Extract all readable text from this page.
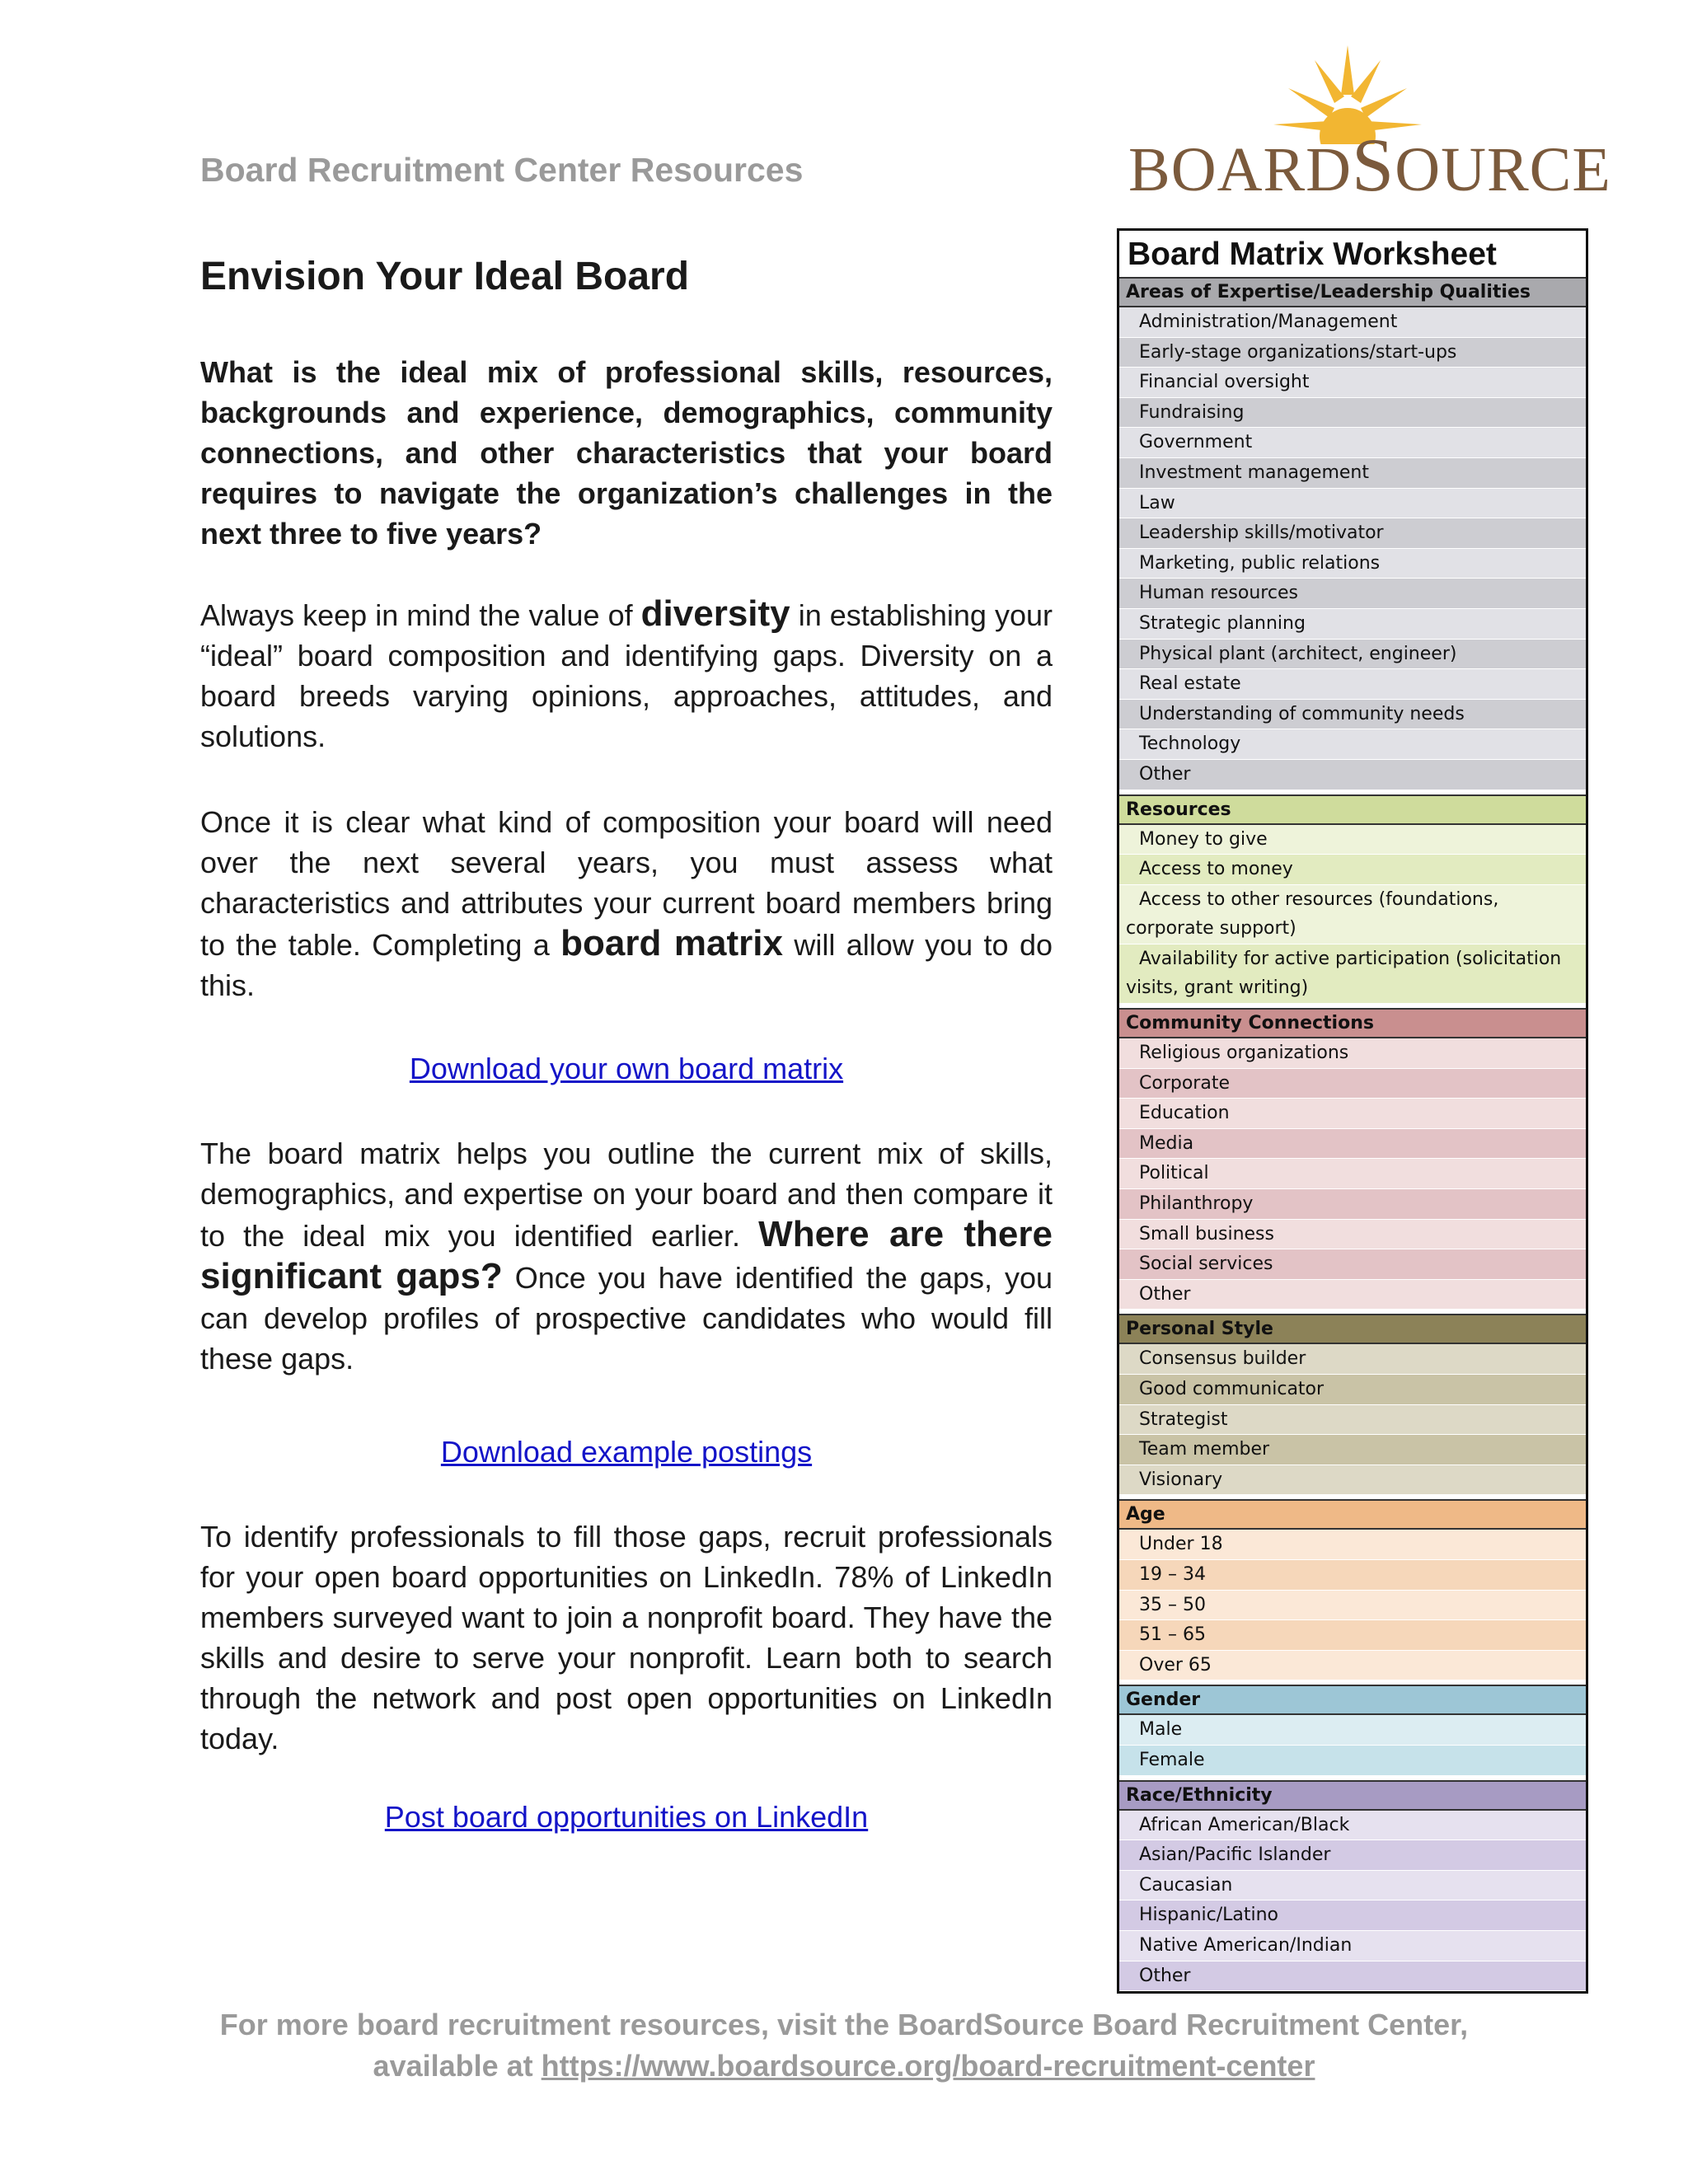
Board Recruitment Center Resources	BOARDSOURCE
Envision Your Ideal Board

What is the ideal mix of professional skills, resources, backgrounds and experience, demographics, community connections, and other characteristics that your board requires to navigate the organization’s challenges in the next three to five years?

Always keep in mind the value of diversity in establishing your “ideal” board composition and identifying gaps. Diversity on a board breeds varying opinions, approaches, attitudes, and solutions.

Once it is clear what kind of composition your board will need over the next several years, you must assess what characteristics and attributes your current board members bring to the table. Completing a board matrix will allow you to do this.

Download your own board matrix

The board matrix helps you outline the current mix of skills, demographics, and expertise on your board and then compare it to the ideal mix you identified earlier. Where are there significant gaps? Once you have identified the gaps, you can develop profiles of prospective candidates who would fill these gaps.

Download example postings

To identify professionals to fill those gaps, recruit professionals for your open board opportunities on LinkedIn. 78% of LinkedIn members surveyed want to join a nonprofit board. They have the skills and desire to serve your nonprofit. Learn both to search through the network and post open opportunities on LinkedIn today.

Post board opportunities on LinkedIn
Board Matrix Worksheet
Areas of Expertise/Leadership Qualities
Administration/Management
Early-stage organizations/start-ups
Financial oversight
Fundraising
Government
Investment management
Law
Leadership skills/motivator
Marketing, public relations
Human resources
Strategic planning
Physical plant (architect, engineer)
Real estate
Understanding of community needs
Technology
Other
Resources
Money to give
Access to money
Access to other resources (foundations, corporate support)
Availability for active participation (solicitation visits, grant writing)
Community Connections
Religious organizations
Corporate
Education
Media
Political
Philanthropy
Small business
Social services
Other
Personal Style
Consensus builder
Good communicator
Strategist
Team member
Visionary
Age
Under 18
19 – 34
35 – 50
51 – 65
Over 65
Gender
Male
Female
Race/Ethnicity
African American/Black
Asian/Pacific Islander
Caucasian
Hispanic/Latino
Native American/Indian
Other
For more board recruitment resources, visit the BoardSource Board Recruitment Center,
available at https://www.boardsource.org/board-recruitment-center
